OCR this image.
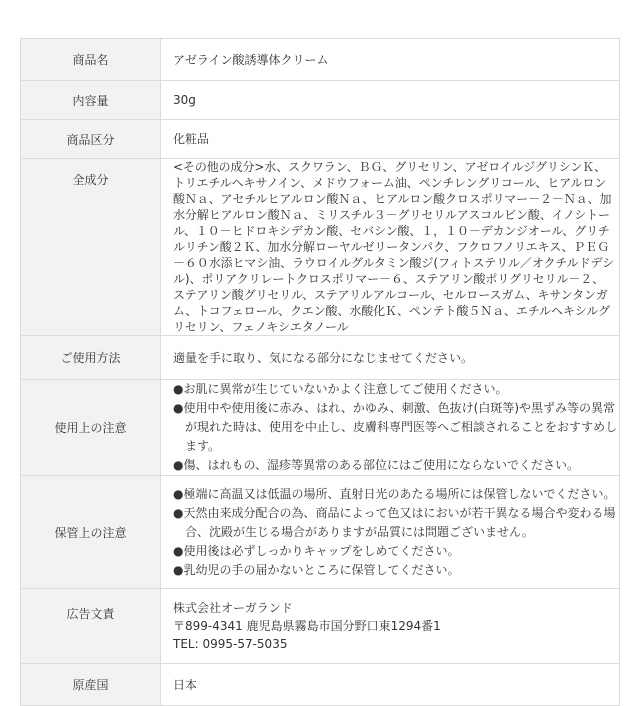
商品名	アゼライン酸誘導体クリーム
内容量	30g
商品区分	化粧品
全成分	<その他の成分>水、スクワラン、ＢＧ、グリセリン、アゼロイルジグリシンＫ、トリエチルヘキサノイン、メドウフォーム油、ペンチレングリコール、ヒアルロン酸Ｎａ、アセチルヒアルロン酸Ｎａ、ヒアルロン酸クロスポリマー－２－Ｎａ、加水分解ヒアルロン酸Ｎａ、ミリスチル３－グリセリルアスコルビン酸、イノシトール、１０－ヒドロキシデカン酸、セバシン酸、１，１０－デカンジオール、グリチルリチン酸２Ｋ、加水分解ローヤルゼリータンパク、フクロフノリエキス、ＰＥＧ－６０水添ヒマシ油、ラウロイルグルタミン酸ジ(フィトステリル／オクチルドデシル)、ポリアクリレートクロスポリマー－６、ステアリン酸ポリグリセリル－２、ステアリン酸グリセリル、ステアリルアルコール、セルロースガム、キサンタンガム、トコフェロール、クエン酸、水酸化Ｋ、ペンテト酸５Ｎａ、エチルヘキシルグリセリン、フェノキシエタノール
ご使用方法	適量を手に取り、気になる部分になじませてください。
使用上の注意	●お肌に異常が生じていないかよく注意してご使用ください。
●使用中や使用後に赤み、はれ、かゆみ、刺激、色抜け(白斑等)や黒ずみ等の異常が現れた時は、使用を中止し、皮膚科専門医等へご相談されることをおすすめします。
●傷、はれもの、湿疹等異常のある部位にはご使用にならないでください。

保管上の注意	●極端に高温又は低温の場所、直射日光のあたる場所には保管しないでください。
●天然由来成分配合の為、商品によって色又はにおいが若干異なる場合や変わる場合、沈殿が生じる場合がありますが品質には問題ございません。
●使用後は必ずしっかりキャップをしめてください。
●乳幼児の手の届かないところに保管してください。

広告文責	株式会社オーガランド
〒899-4341 鹿児島県霧島市国分野口東1294番1
TEL: 0995-57-5035

原産国	日本
